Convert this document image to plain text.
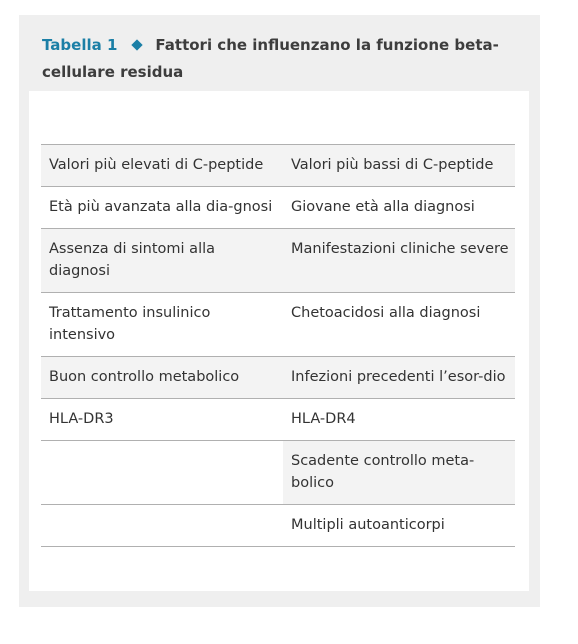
Tabella 1	Fattori che influenzano la funzione beta-cellulare residua
Valori più elevati di C-peptide	Valori più bassi di C-peptide
Età più avanzata alla dia-gnosi	Giovane età alla diagnosi
Assenza di sintomi alla diagnosi	Manifestazioni cliniche severe
Trattamento insulinico intensivo	Chetoacidosi alla diagnosi
Buon controllo metabolico	Infezioni precedenti l’esor-dio
HLA-DR3	HLA-DR4
	Scadente controllo meta-bolico
	Multipli autoanticorpi
